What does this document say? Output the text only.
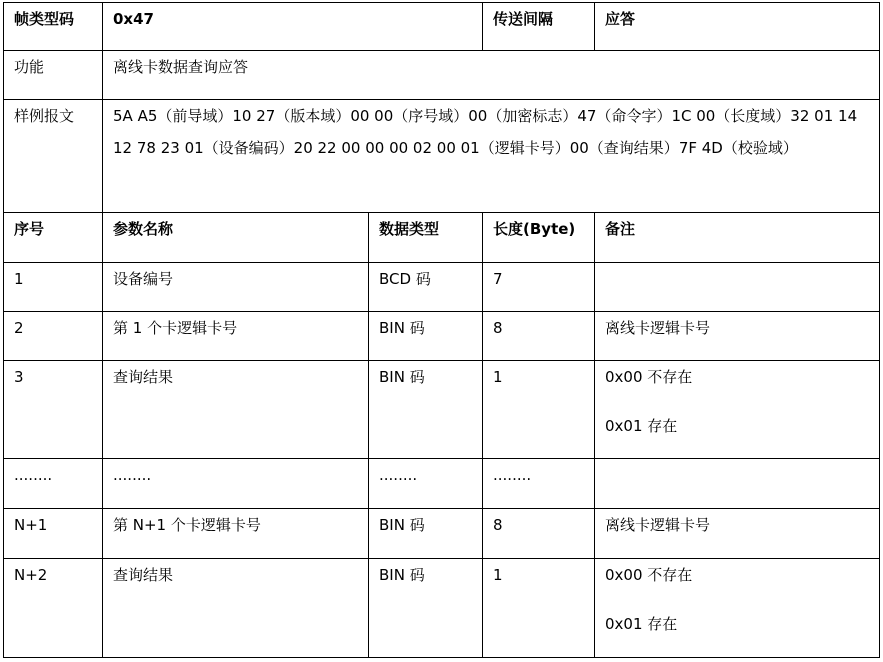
帧类型码	0x47		传送间隔	应答
功能	离线卡数据查询应答			
样例报文	5A A5（前导域）10 27（版本域）00 00（序号域）00（加密标志）47（命令字）1C 00（长度域）32 01 14 12 78 23 01（设备编码）20 22 00 00 00 02 00 01（逻辑卡号）00（查询结果）7F 4D（校验域）			
序号	参数名称	数据类型	长度(Byte)	备注
1	设备编号	BCD 码	7	
2	第 1 个卡逻辑卡号	BIN 码	8	离线卡逻辑卡号
3	查询结果	BIN 码	1	0x00 不存在
0x01 存在

........	........	........	........	
N+1	第 N+1 个卡逻辑卡号	BIN 码	8	离线卡逻辑卡号
N+2	查询结果	BIN 码	1	0x00 不存在
0x01 存在
